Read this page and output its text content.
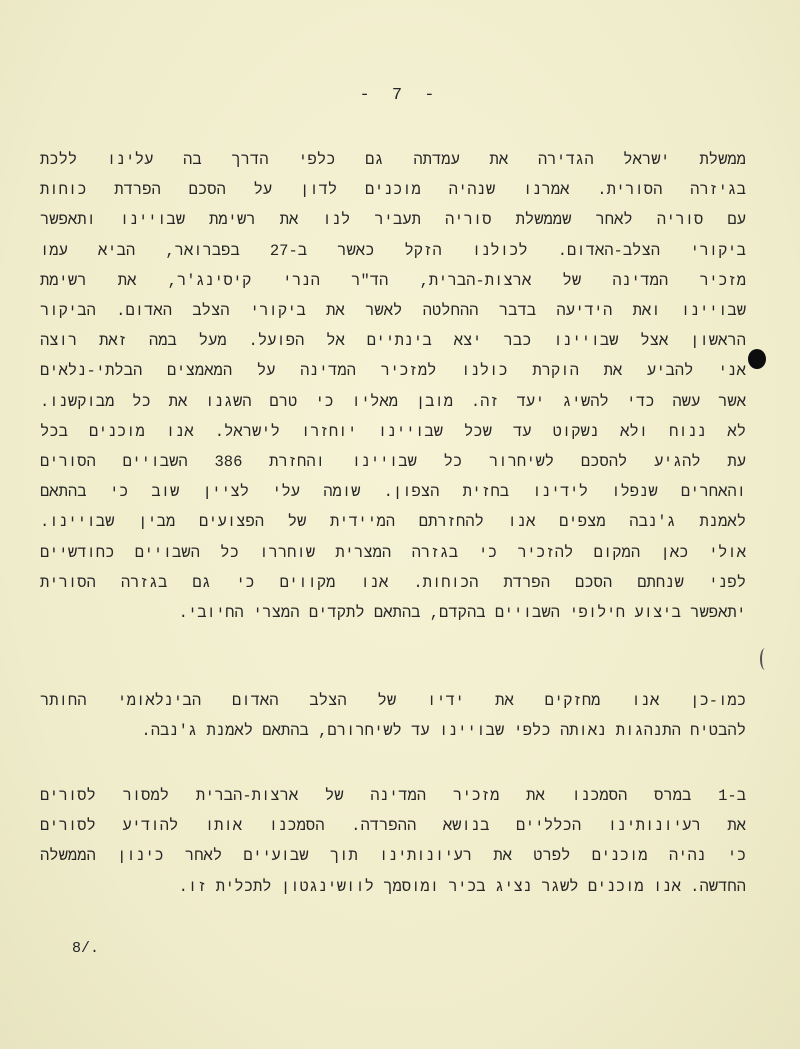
- 7 -

ממשלת ישראל הגדירה את עמדתה גם כלפי הדרך בה עלינו ללכת
בגיזרה הסורית. אמרנו שנהיה מוכנים לדון על הסכם הפרדת כוחות
עם סוריה לאחר שממשלת סוריה תעביר לנו את רשימת שבויינו ותאפשר
ביקורי הצלב-האדום. לכולנו הזקל כאשר ב-27 בפברואר, הביא עמו
מזכיר המדינה של ארצות-הברית, הד"ר הנרי קיסינג'ר, את רשימת
שבויינו ואת הידיעה בדבר ההחלטה לאשר את ביקורי הצלב האדום. הביקור
הראשון אצל שבויינו כבר יצא בינתיים אל הפועל. מעל במה זאת רוצה
אני להביע את הוקרת כולנו למזכיר המדינה על המאמצים הבלתי-נלאים
אשר עשה כדי להשיג יעד זה. מובן מאליו כי טרם השגנו את כל מבוקשנו.
לא ננוח ולא נשקוט עד שכל שבויינו יוחזרו לישראל. אנו מוכנים בכל
עת להגיע להסכם לשיחרור כל שבויינו והחזרת 386 השבויים הסורים
והאחרים שנפלו לידינו בחזית הצפון. שומה עלי לציין שוב כי בהתאם
לאמנת ג'נבה מצפים אנו להחזרתם המיידית של הפצועים מבין שבויינו.
אולי כאן המקום להזכיר כי בגזרה המצרית שוחררו כל השבויים כחודשיים
לפני שנחתם הסכם הפרדת הכוחות. אנו מקווים כי גם בגזרה הסורית
יתאפשר ביצוע חילופי השבויים בהקדם, בהתאם לתקדים המצרי החיובי.

כמו-כן אנו מחזקים את ידיו של הצלב האדום הבינלאומי החותר
להבטיח התנהגות נאותה כלפי שבויינו עד לשיחרורם, בהתאם לאמנת ג'נבה.

ב-1 במרס הסמכנו את מזכיר המדינה של ארצות-הברית למסור לסורים
את רעיונותינו הכלליים בנושא ההפרדה. הסמכנו אותו להודיע לסורים
כי נהיה מוכנים לפרט את רעיונותינו תוך שבועיים לאחר כינון הממשלה
החדשה. אנו מוכנים לשגר נציג בכיר ומוסמך לוושינגטון לתכלית זו.

8/.
